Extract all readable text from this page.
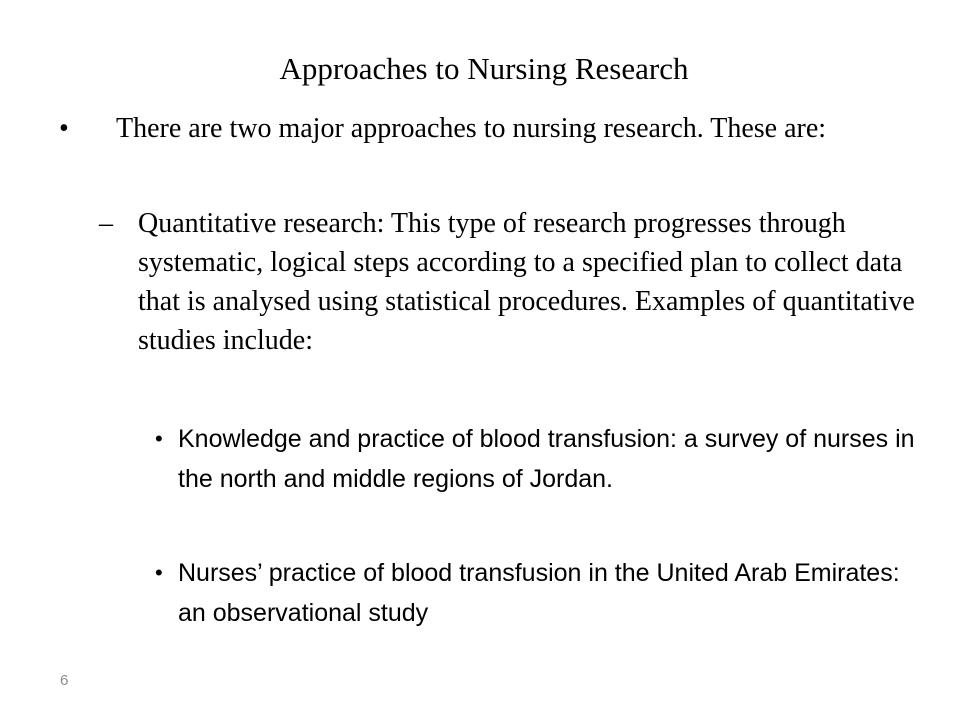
Approaches to Nursing Research
• There are two major approaches to nursing research. These are:
– Quantitative research: This type of research progresses through systematic, logical steps according to a specified plan to collect data that is analysed using statistical procedures. Examples of quantitative studies include:
• Knowledge and practice of blood transfusion: a survey of nurses in the north and middle regions of Jordan.
• Nurses’ practice of blood transfusion in the United Arab Emirates: an observational study
6
